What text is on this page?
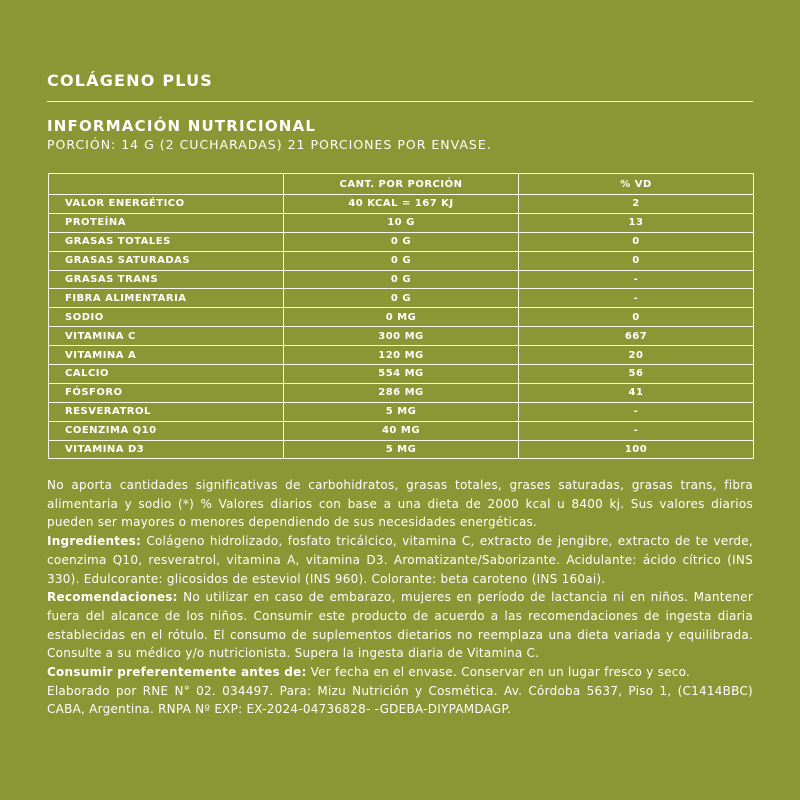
COLÁGENO PLUS
INFORMACIÓN NUTRICIONAL
PORCIÓN: 14 G (2 CUCHARADAS) 21 PORCIONES POR ENVASE.
	CANT. POR PORCIÓN	% VD
VALOR ENERGÉTICO	40 KCAL = 167 KJ	2
PROTEÍNA	10 G	13
GRASAS TOTALES	0 G	0
GRASAS SATURADAS	0 G	0
GRASAS TRANS	0 G	-
FIBRA ALIMENTARIA	0 G	-
SODIO	0 MG	0
VITAMINA C	300 MG	667
VITAMINA A	120 MG	20
CALCIO	554 MG	56
FÓSFORO	286 MG	41
RESVERATROL	5 MG	-
COENZIMA Q10	40 MG	-
VITAMINA D3	5 MG	100

No aporta cantidades significativas de carbohidratos, grasas totales, grases saturadas, grasas trans, fibra alimentaria y sodio (*) % Valores diarios con base a una dieta de 2000 kcal u 8400 kj. Sus valores diarios pueden ser mayores o menores dependiendo de sus necesidades energéticas.

Ingredientes: Colágeno hidrolizado, fosfato tricálcico, vitamina C, extracto de jengibre, extracto de te verde, coenzima Q10, resveratrol, vitamina A, vitamina D3. Aromatizante/Saborizante. Acidulante: ácido cítrico (INS 330). Edulcorante: glicosidos de esteviol (INS 960). Colorante: beta caroteno (INS 160ai).

Recomendaciones: No utilizar en caso de embarazo, mujeres en período de lactancia ni en niños. Mantener fuera del alcance de los niños. Consumir este producto de acuerdo a las recomendaciones de ingesta diaria establecidas en el rótulo. El consumo de suplementos dietarios no reemplaza una dieta variada y equilibrada. Consulte a su médico y/o nutricionista. Supera la ingesta diaria de Vitamina C.

Consumir preferentemente antes de: Ver fecha en el envase. Conservar en un lugar fresco y seco.

Elaborado por RNE N° 02. 034497. Para: Mizu Nutrición y Cosmética. Av. Córdoba 5637, Piso 1, (C1414BBC) CABA, Argentina. RNPA Nº EXP: EX-2024-04736828- -GDEBA-DIYPAMDAGP.
